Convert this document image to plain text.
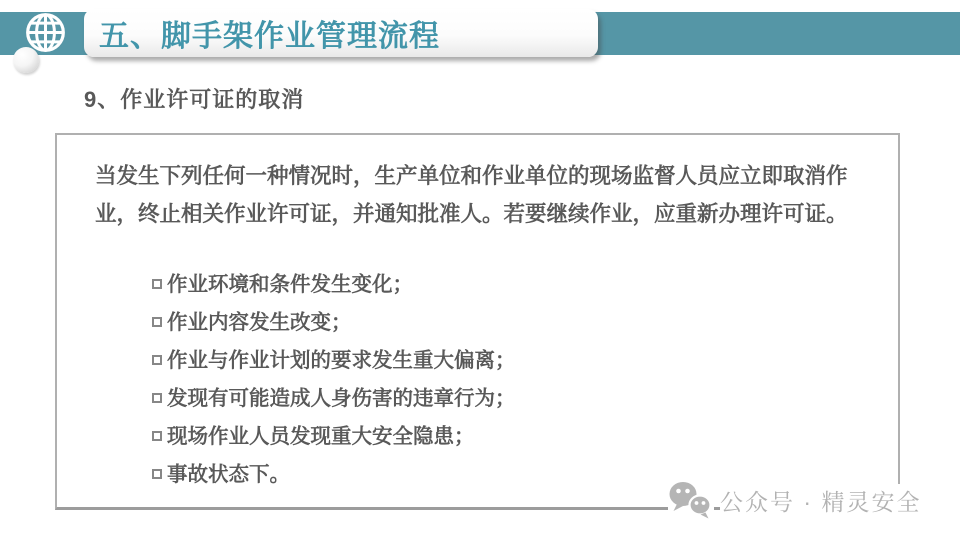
五、脚手架作业管理流程
9、作业许可证的取消
当发生下列任何一种情况时，生产单位和作业单位的现场监督人员应立即取消作业，终止相关作业许可证，并通知批准人。若要继续作业，应重新办理许可证。
作业环境和条件发生变化；
作业内容发生改变；
作业与作业计划的要求发生重大偏离；
发现有可能造成人身伤害的违章行为；
现场作业人员发现重大安全隐患；
事故状态下。
公众号 · 精灵安全
